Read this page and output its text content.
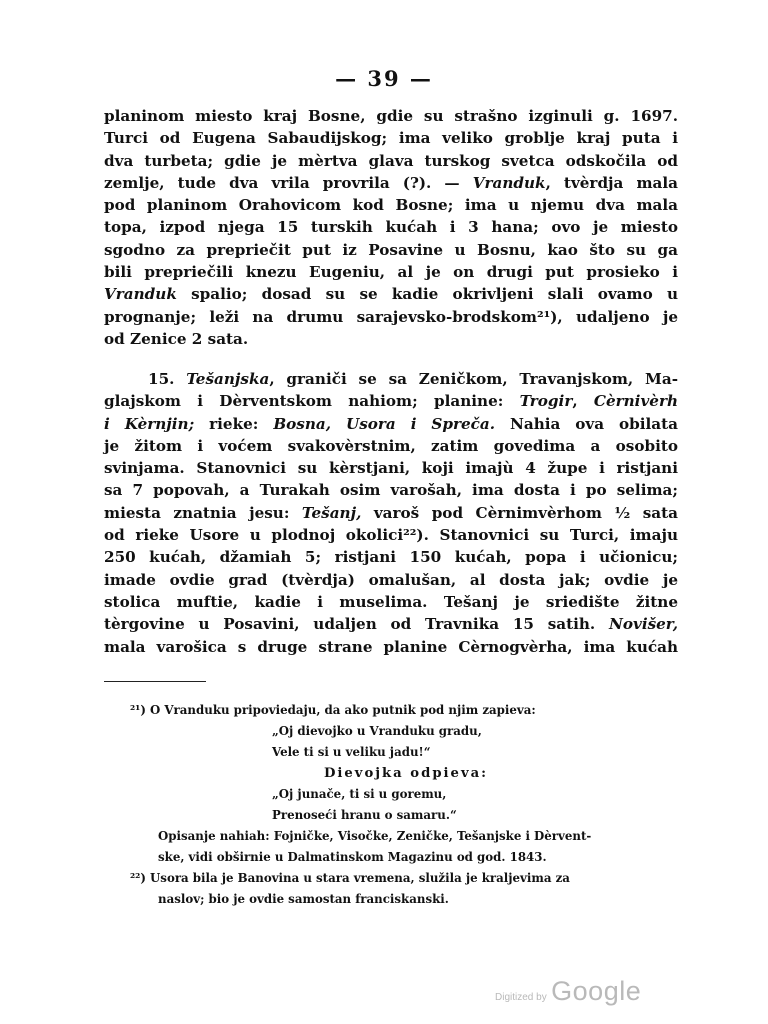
— 39 —
planinom miesto kraj Bosne, gdie su strašno izginuli g. 1697.
Turci od Eugena Sabaudijskog; ima veliko groblje kraj puta i
dva turbeta; gdie je mèrtva glava turskog svetca odskočila od
zemlje, tude dva vrila provrila (?). — Vranduk, tvèrdja mala
pod planinom Orahovicom kod Bosne; ima u njemu dva mala
topa, izpod njega 15 turskih kućah i 3 hana; ovo je miesto
sgodno za prepriečit put iz Posavine u Bosnu, kao što su ga
bili prepriečili knezu Eugeniu, al je on drugi put prosieko i
Vranduk spalio; dosad su se kadie okrivljeni slali ovamo u
prognanje; leži na drumu sarajevsko-brodskom²¹), udaljeno je
od Zenice 2 sata.
15. Tešanjska, graniči se sa Zeničkom, Travanjskom, Ma-
glajskom i Dèrventskom nahiom; planine: Trogir, Cèrnivèrh
i Kèrnjin; rieke: Bosna, Usora i Spreča. Nahia ova obilata
je žitom i voćem svakovèrstnim, zatim govedima a osobito
svinjama. Stanovnici su kèrstjani, koji imajù 4 župe i ristjani
sa 7 popovah, a Turakah osim varošah, ima dosta i po selima;
miesta znatnia jesu: Tešanj, varoš pod Cèrnimvèrhom ½ sata
od rieke Usore u plodnoj okolici²²). Stanovnici su Turci, imaju
250 kućah, džamiah 5; ristjani 150 kućah, popa i učionicu;
imade ovdie grad (tvèrdja) omalušan, al dosta jak; ovdie je
stolica muftie, kadie i muselima. Tešanj je sriedište žitne
tèrgovine u Posavini, udaljen od Travnika 15 satih. Novišer,
mala varošica s druge strane planine Cèrnogvèrha, ima kućah
²¹) O Vranduku pripoviedaju, da ako putnik pod njim zapieva:
„Oj dievojko u Vranduku gradu,
Vele ti si u veliku jadu!“
Dievojka odpieva:
„Oj junače, ti si u goremu,
Prenoseći hranu o samaru.“
Opisanje nahiah: Fojničke, Visočke, Zeničke, Tešanjske i Dèrvent-
ske, vidi obširnie u Dalmatinskom Magazinu od god. 1843.
²²) Usora bila je Banovina u stara vremena, služila je kraljevima za
naslov; bio je ovdie samostan franciskanski.
Digitized by Google
